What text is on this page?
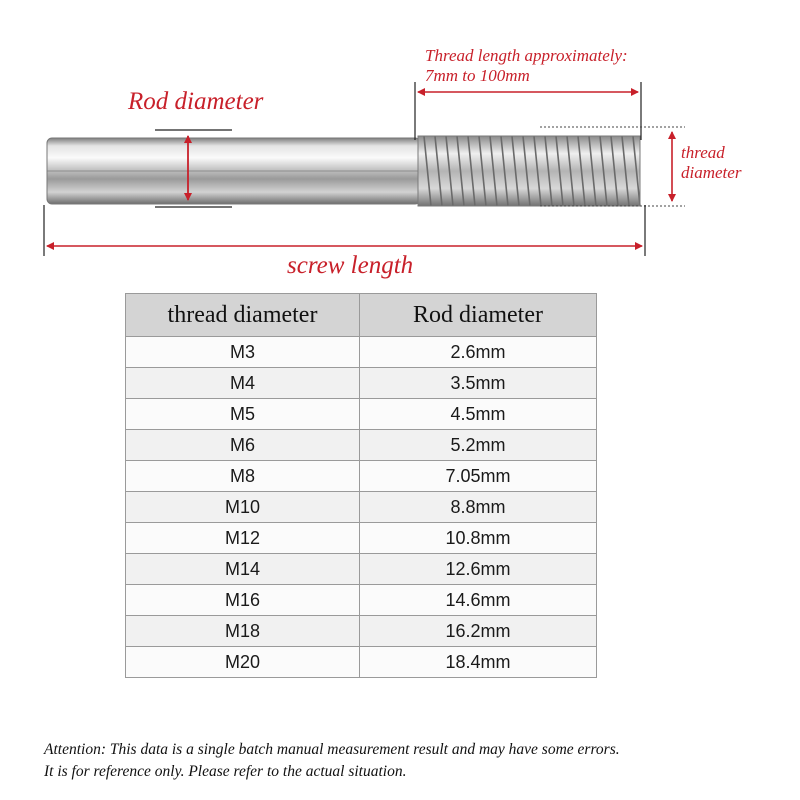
Rod diameter
Thread length approximately:
7mm to 100mm
thread
diameter
screw length
thread diameter	Rod diameter
M3	2.6mm
M4	3.5mm
M5	4.5mm
M6	5.2mm
M8	7.05mm
M10	8.8mm
M12	10.8mm
M14	12.6mm
M16	14.6mm
M18	16.2mm
M20	18.4mm
Attention: This data is a single batch manual measurement result and may have some errors.
It is for reference only. Please refer to the actual situation.
